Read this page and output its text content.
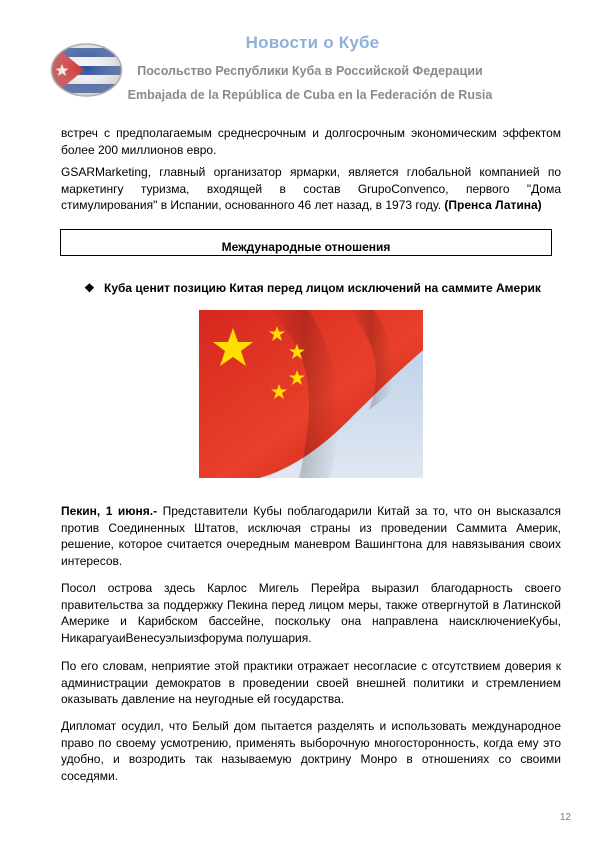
Новости о Кубе
Посольство Республики Куба в Российской Федерации
Embajada de la República de Cuba en la Federación de Rusia
встреч с предполагаемым среднесрочным и долгосрочным экономическим эффектом более 200 миллионов евро.
GSARMarketing, главный организатор ярмарки, является глобальной компанией по маркетингу туризма, входящей в состав GrupoConvenco, первого "Дома стимулирования" в Испании, основанного 46 лет назад, в 1973 году. (Пренса Латина)
Международные отношения
❖ Куба ценит позицию Китая перед лицом исключений на саммите Америк
Пекин, 1 июня.- Представители Кубы поблагодарили Китай за то, что он высказался против Соединенных Штатов, исключая страны из проведении Саммита Америк, решение, которое считается очередным маневром Вашингтона для навязывания своих интересов.
Посол острова здесь Карлос Мигель Перейра выразил благодарность своего правительства за поддержку Пекина перед лицом меры, также отвергнутой в Латинской Америке и Карибском бассейне, поскольку она направлена наисключениеКубы, НикарагуаиВенесуэлыизфорума полушария.
По его словам, неприятие этой практики отражает несогласие с отсутствием доверия к администрации демократов в проведении своей внешней политики и стремлением оказывать давление на неугодные ей государства.
Дипломат осудил, что Белый дом пытается разделять и использовать международное право по своему усмотрению, применять выборочную многосторонность, когда ему это удобно, и возродить так называемую доктрину Монро в отношениях со своими соседями.
12
